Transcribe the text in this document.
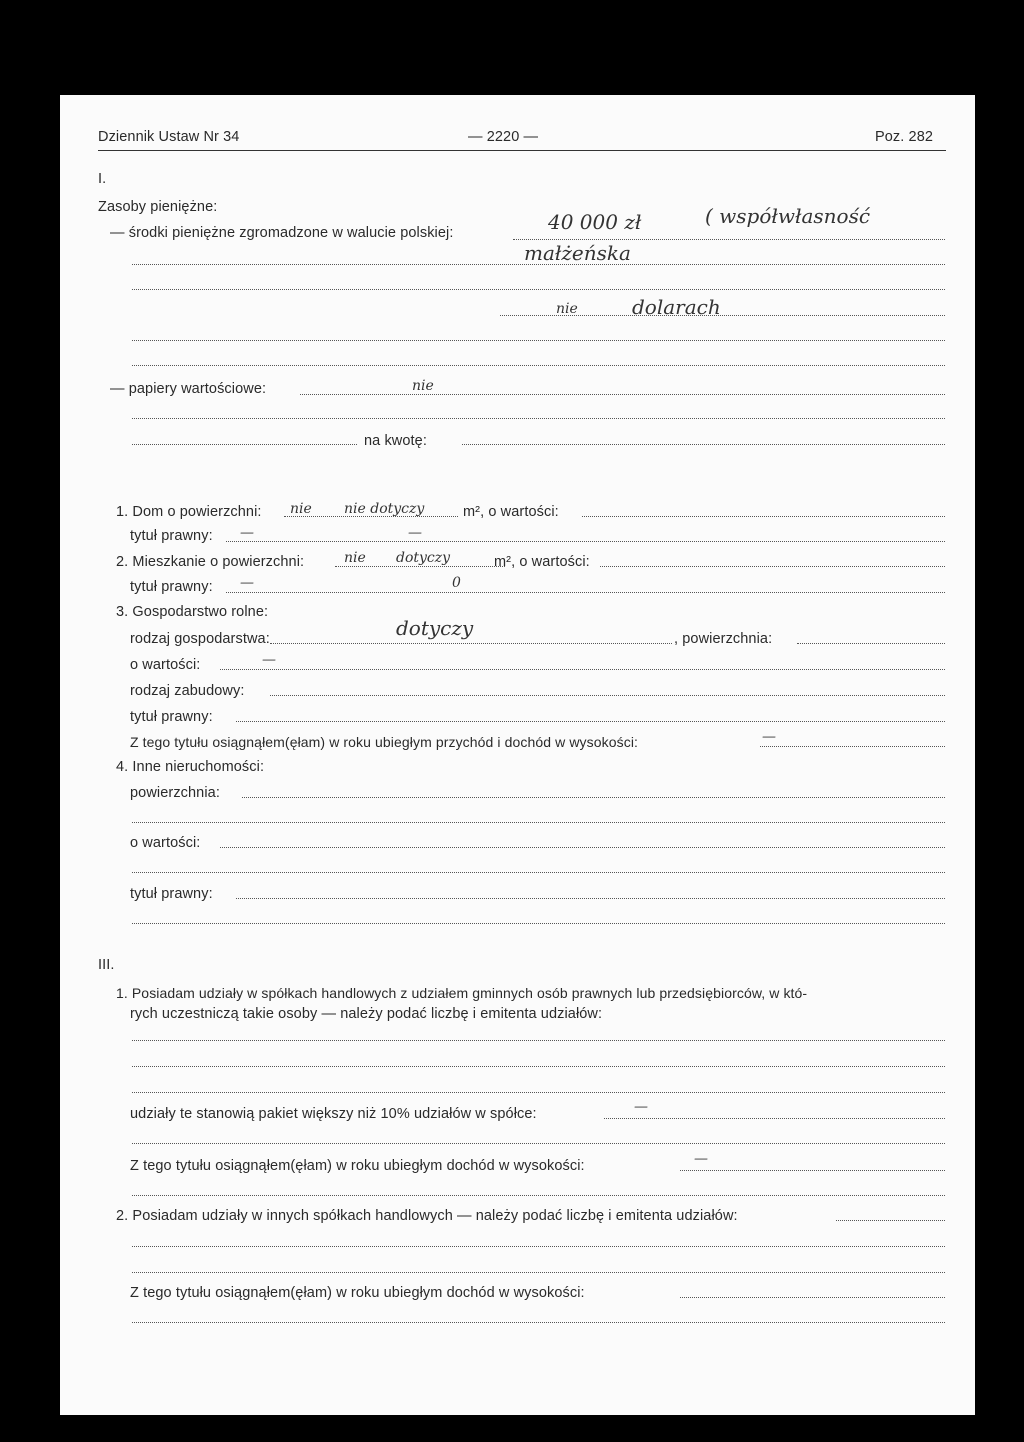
Dziennik Ustaw Nr 34	— 2220 —	Poz. 282
I.
Zasoby pieniężne:
— środki pieniężne zgromadzone w walucie polskiej:	40 000 zł	( współwłasność
małżeńska
nie	dolarach
— papiery wartościowe:	nie
na kwotę:
1. Dom o powierzchni: nie nie dotyczy	m², o wartości:
tytuł prawny: —	—
2. Mieszkanie o powierzchni:	nie dotyczy	m², o wartości:
tytuł prawny: —	0
3. Gospodarstwo rolne:
rodzaj gospodarstwa:	dotyczy	, powierzchnia:
o wartości:	—
rodzaj zabudowy:
tytuł prawny:
Z tego tytułu osiągnąłem(ęłam) w roku ubiegłym przychód i dochód w wysokości:	—
4. Inne nieruchomości:
powierzchnia:
o wartości:
tytuł prawny:
III.
1. Posiadam udziały w spółkach handlowych z udziałem gminnych osób prawnych lub przedsiębiorców, w któ-
rych uczestniczą takie osoby — należy podać liczbę i emitenta udziałów:
udziały te stanowią pakiet większy niż 10% udziałów w spółce:	—
Z tego tytułu osiągnąłem(ęłam) w roku ubiegłym dochód w wysokości:	—
2. Posiadam udziały w innych spółkach handlowych — należy podać liczbę i emitenta udziałów:
Z tego tytułu osiągnąłem(ęłam) w roku ubiegłym dochód w wysokości:
